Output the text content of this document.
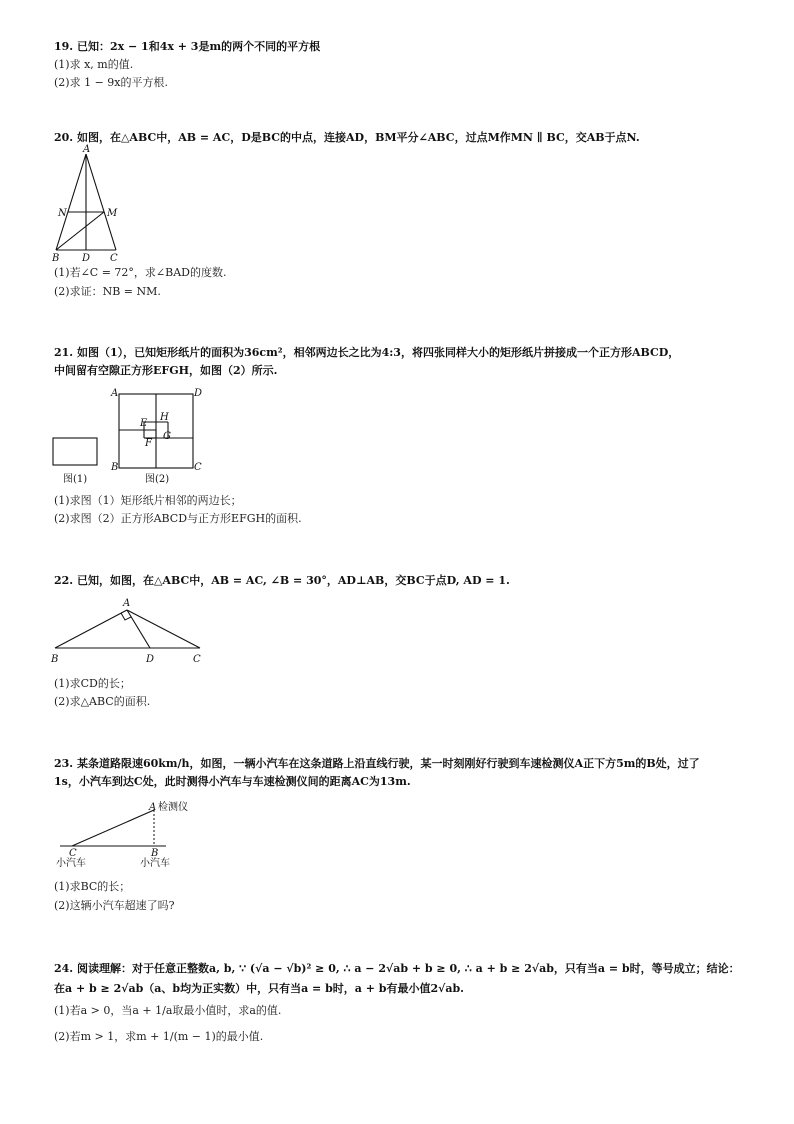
19. 已知：2x − 1和4x + 3是m的两个不同的平方根
(1)求 x, m的值.
(2)求 1 − 9x的平方根.
20. 如图，在△ABC中，AB = AC，D是BC的中点，连接AD，BM平分∠ABC，过点M作MN ∥ BC，交AB于点N.
A
N	M
B D C
(1)若∠C = 72°，求∠BAD的度数.
(2)求证：NB = NM.
21. 如图（1），已知矩形纸片的面积为36cm²，相邻两边长之比为4:3，将四张同样大小的矩形纸片拼接成一个正方形ABCD，
中间留有空隙正方形EFGH，如图（2）所示.
图(1)
A	D
B	C
E
H
F
G
图(2)
(1)求图（1）矩形纸片相邻的两边长；
(2)求图（2）正方形ABCD与正方形EFGH的面积.
22. 已知，如图，在△ABC中，AB = AC, ∠B = 30°，AD⊥AB，交BC于点D, AD = 1.
A
B	D	C
(1)求CD的长；
(2)求△ABC的面积.
23. 某条道路限速60km/h，如图，一辆小汽车在这条道路上沿直线行驶，某一时刻刚好行驶到车速检测仪A正下方5m的B处，过了
1s，小汽车到达C处，此时测得小汽车与车速检测仪间的距离AC为13m.
A 检测仪
C	B
小汽车	小汽车
(1)求BC的长；
(2)这辆小汽车超速了吗?
24. 阅读理解：对于任意正整数a, b, ∵ (√a − √b)² ≥ 0, ∴ a − 2√ab + b ≥ 0, ∴ a + b ≥ 2√ab，只有当a = b时，等号成立；结论：
在a + b ≥ 2√ab（a、b均为正实数）中，只有当a = b时，a + b有最小值2√ab.
(1)若a > 0，当a + 1/a取最小值时，求a的值.
(2)若m > 1，求m + 1/(m − 1)的最小值.
